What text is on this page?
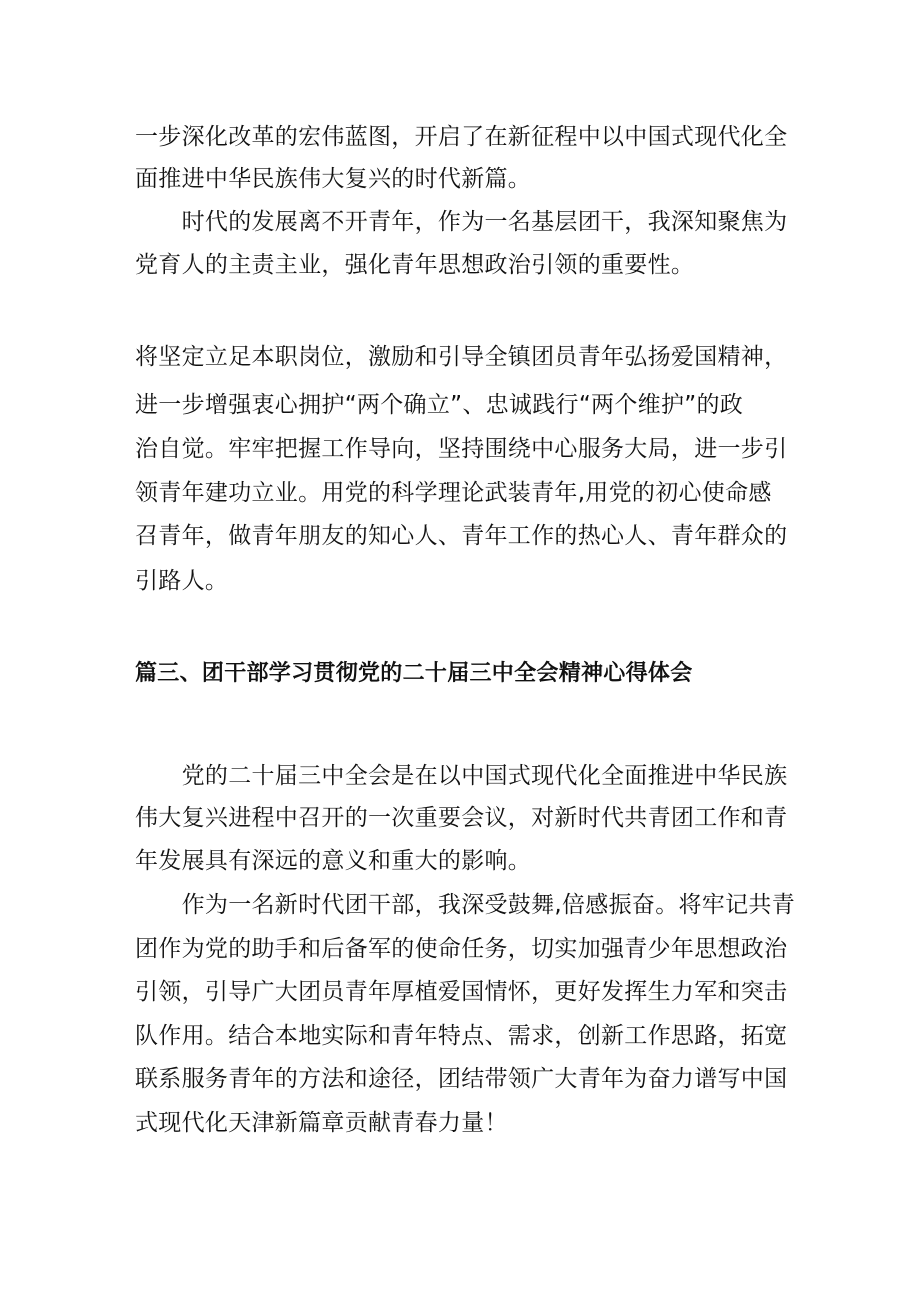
一步深化改革的宏伟蓝图，开启了在新征程中以中国式现代化全
面推进中华民族伟大复兴的时代新篇。
　　时代的发展离不开青年，作为一名基层团干，我深知聚焦为
党育人的主责主业，强化青年思想政治引领的重要性。
将坚定立足本职岗位，激励和引导全镇团员青年弘扬爱国精神，
进一步增强衷心拥护“两个确立”、忠诚践行“两个维护”的政
治自觉。牢牢把握工作导向，坚持围绕中心服务大局，进一步引
领青年建功立业。用党的科学理论武装青年,用党的初心使命感
召青年，做青年朋友的知心人、青年工作的热心人、青年群众的
引路人。
篇三、团干部学习贯彻党的二十届三中全会精神心得体会
　　党的二十届三中全会是在以中国式现代化全面推进中华民族
伟大复兴进程中召开的一次重要会议，对新时代共青团工作和青
年发展具有深远的意义和重大的影响。
　　作为一名新时代团干部，我深受鼓舞,倍感振奋。将牢记共青
团作为党的助手和后备军的使命任务，切实加强青少年思想政治
引领，引导广大团员青年厚植爱国情怀，更好发挥生力军和突击
队作用。结合本地实际和青年特点、需求，创新工作思路，拓宽
联系服务青年的方法和途径，团结带领广大青年为奋力谱写中国
式现代化天津新篇章贡献青春力量！
